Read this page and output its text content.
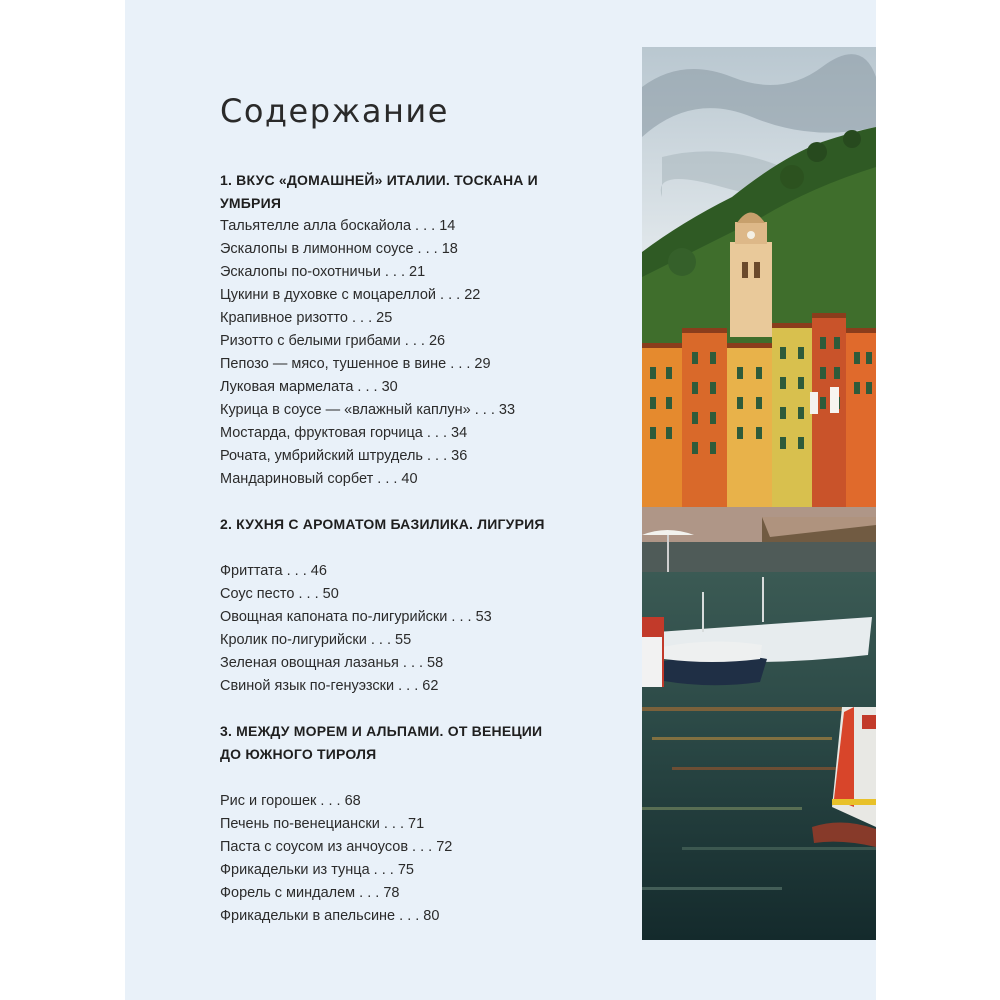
Содержание
1. ВКУС «ДОМАШНЕЙ» ИТАЛИИ. ТОСКАНА И УМБРИЯ
Тальятелле алла боскайола . . . 14
Эскалопы в лимонном соусе . . . 18
Эскалопы по-охотничьи . . . 21
Цукини в духовке с моцареллой . . . 22
Крапивное ризотто . . . 25
Ризотто с белыми грибами . . . 26
Пепозо — мясо, тушенное в вине . . . 29
Луковая мармелата . . . 30
Курица в соусе — «влажный каплун» . . . 33
Мостарда, фруктовая горчица . . . 34
Рочата, умбрийский штрудель . . . 36
Мандариновый сорбет . . . 40
2. КУХНЯ С АРОМАТОМ БАЗИЛИКА. ЛИГУРИЯ
Фриттата . . . 46
Соус песто . . . 50
Овощная капоната по-лигурийски . . . 53
Кролик по-лигурийски . . . 55
Зеленая овощная лазанья . . . 58
Свиной язык по-генуэзски . . . 62
3. МЕЖДУ МОРЕМ И АЛЬПАМИ. ОТ ВЕНЕЦИИ
ДО ЮЖНОГО ТИРОЛЯ
Рис и горошек . . . 68
Печень по-венециански . . . 71
Паста с соусом из анчоусов . . . 72
Фрикадельки из тунца . . . 75
Форель с миндалем . . . 78
Фрикадельки в апельсине . . . 80
